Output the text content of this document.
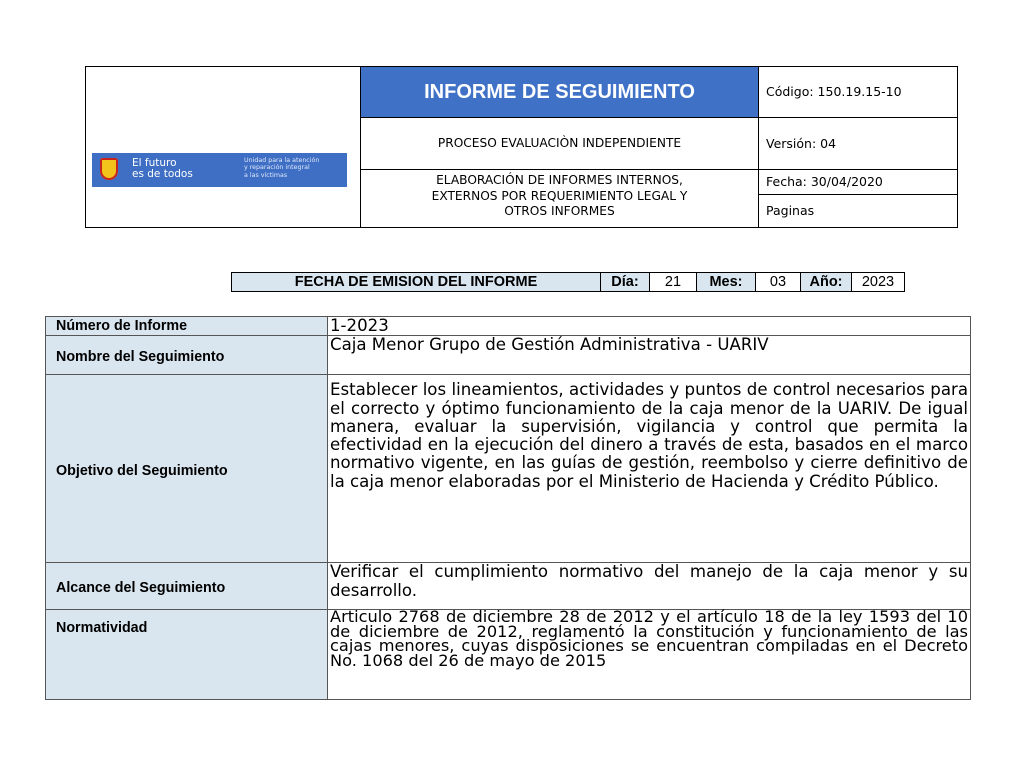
El futuro
es de todos
Unidad para la atención
y reparación integral
a las víctimas
INFORME DE SEGUIMIENTO
PROCESO EVALUACIÒN INDEPENDIENTE
ELABORACIÓN DE INFORMES INTERNOS,
EXTERNOS POR REQUERIMIENTO LEGAL Y
OTROS INFORMES
Código: 150.19.15-10
Versión: 04
Fecha: 30/04/2020
Paginas
FECHA DE EMISION DEL INFORME	Día:	21	Mes:	03	Año:	2023
Número de Informe	1-2023
Nombre del Seguimiento	Caja Menor Grupo de Gestión Administrativa - UARIV
Objetivo del Seguimiento	Establecer los lineamientos, actividades y puntos de control necesarios para el correcto y óptimo funcionamiento de la caja menor de la UARIV. De igual manera, evaluar la supervisión, vigilancia y control que permita la efectividad en la ejecución del dinero a través de esta, basados en el marco normativo vigente, en las guías de gestión, reembolso y cierre definitivo de la caja menor elaboradas por el Ministerio de Hacienda y Crédito Público.
Alcance del Seguimiento	Verificar el cumplimiento normativo del manejo de la caja menor y su desarrollo.
Normatividad	Articulo 2768 de diciembre 28 de 2012 y el artículo 18 de la ley 1593 del 10 de diciembre de 2012, reglamentó la constitución y funcionamiento de las cajas menores, cuyas disposiciones se encuentran compiladas en el Decreto No. 1068 del 26 de mayo de 2015
